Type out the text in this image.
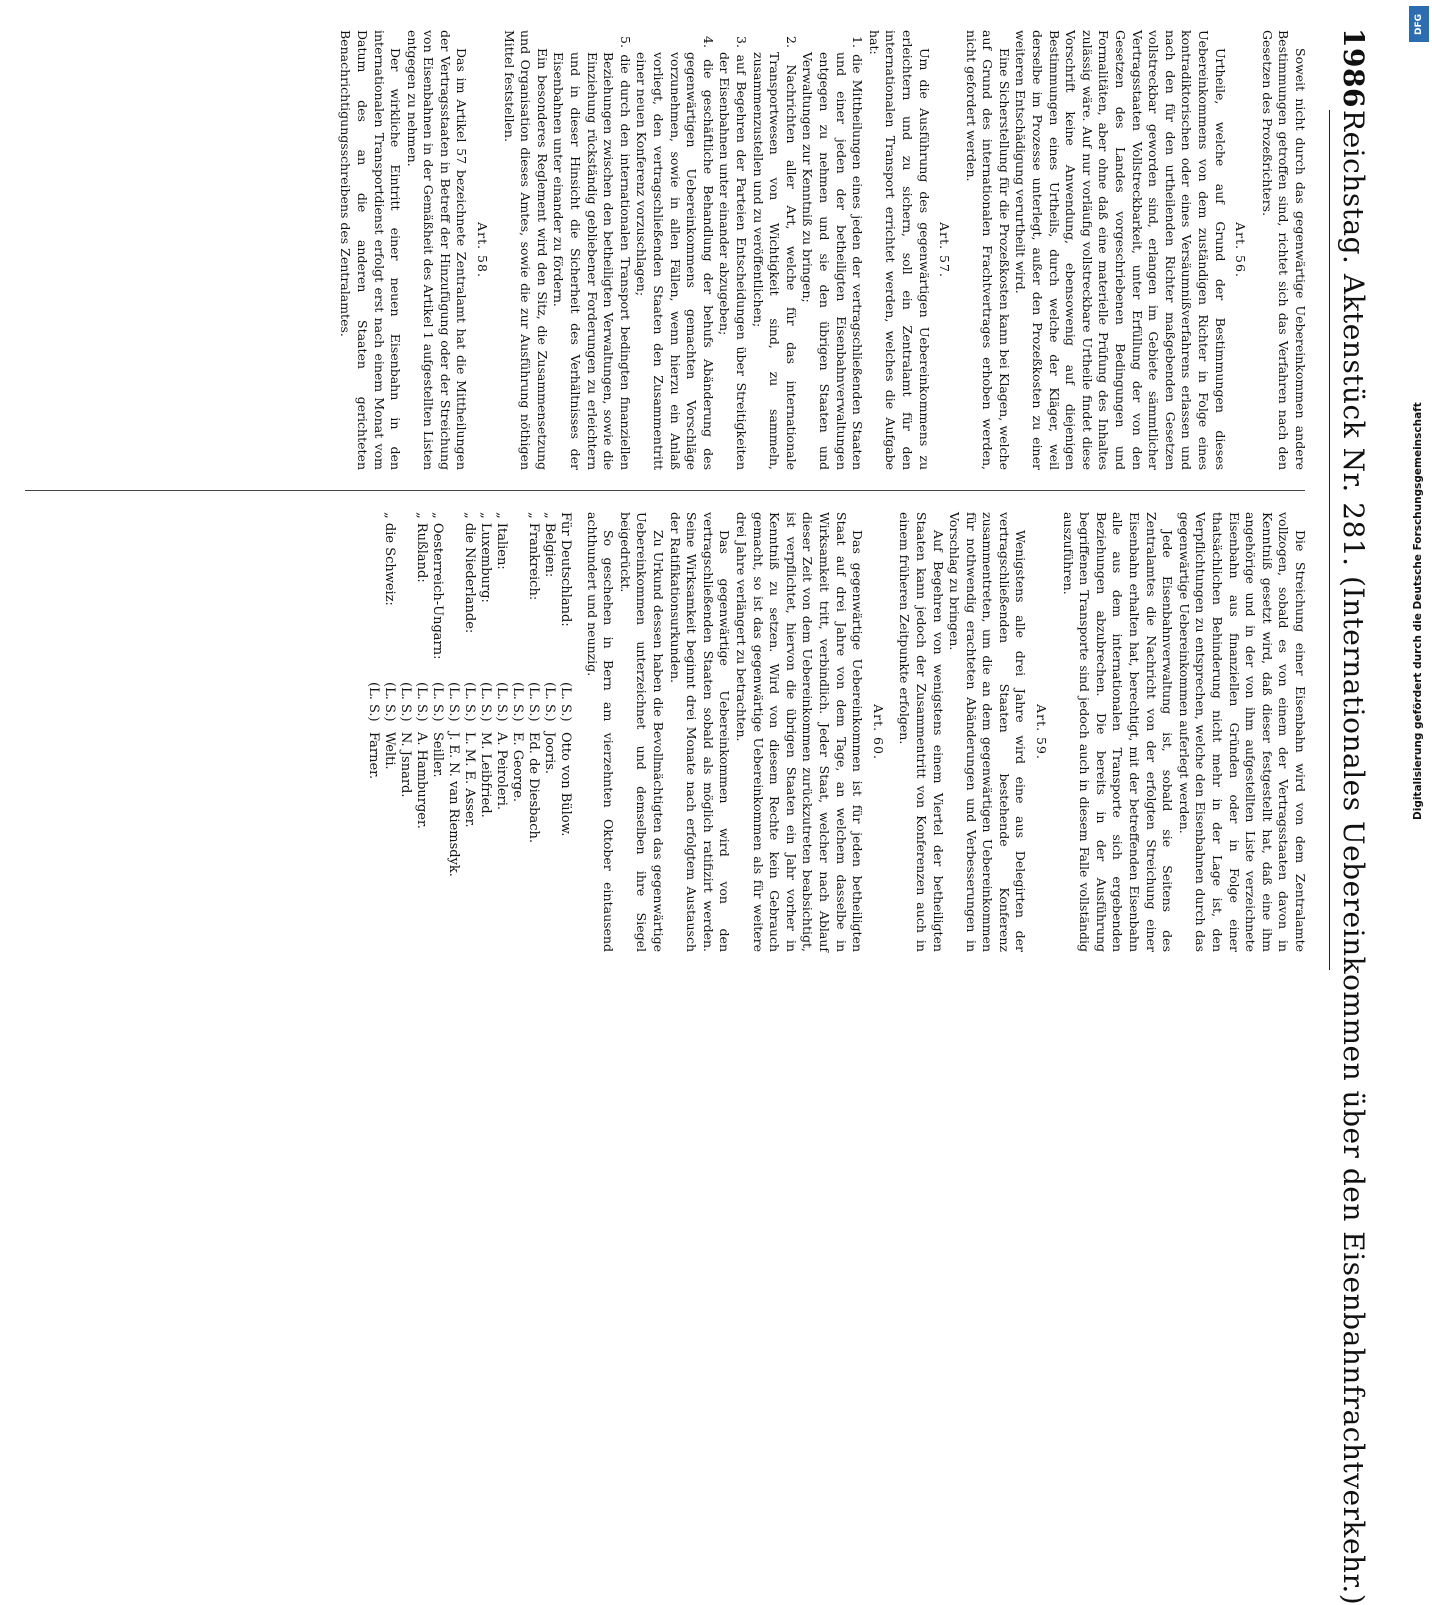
1986
Reichstag. Aktenstück Nr. 281. (Internationales Uebereinkommen über den Eisenbahnfrachtverkehr.)

Soweit nicht durch das gegenwärtige Uebereinkommen andere Bestimmungen getroffen sind, richtet sich das Verfahren nach den Gesetzen des Prozeßrichters.

Art. 56.

Urtheile, welche auf Grund der Bestimmungen dieses Uebereinkommens von dem zuständigen Richter in Folge eines kontradiktorischen oder eines Versäumnißverfahrens erlassen und nach den für den urtheilenden Richter maßgebenden Gesetzen vollstreckbar geworden sind, erlangen im Gebiete sämmtlicher Vertragsstaaten Vollstreckbarkeit, unter Erfüllung der von den Gesetzen des Landes vorgeschriebenen Bedingungen und Formalitäten, aber ohne daß eine materielle Prüfung des Inhaltes zulässig wäre. Auf nur vorläufig vollstreckbare Urtheile findet diese Vorschrift keine Anwendung, ebensowenig auf diejenigen Bestimmungen eines Urtheils, durch welche der Kläger, weil derselbe im Prozesse unterlegt, außer den Prozeßkosten zu einer weiteren Entschädigung verurtheilt wird.

Eine Sicherstellung für die Prozeßkosten kann bei Klagen, welche auf Grund des internationalen Frachtvertrages erhoben werden, nicht gefordert werden.

Art. 57.

Um die Ausführung des gegenwärtigen Uebereinkommens zu erleichtern und zu sichern, soll ein Zentralamt für den internationalen Transport errichtet werden, welches die Aufgabe hat:

1. die Mittheilungen eines jeden der vertragschließenden Staaten und einer jeden der betheiligten Eisenbahnverwaltungen entgegen zu nehmen und sie den übrigen Staaten und Verwaltungen zur Kenntniß zu bringen;

2. Nachrichten aller Art, welche für das internationale Transportwesen von Wichtigkeit sind, zu sammeln, zusammenzustellen und zu veröffentlichen;

3. auf Begehren der Parteien Entscheidungen über Streitigkeiten der Eisenbahnen unter einander abzugeben;

4. die geschäftliche Behandlung der behufs Abänderung des gegenwärtigen Uebereinkommens gemachten Vorschläge vorzunehmen, sowie in allen Fällen, wenn hierzu ein Anlaß vorliegt, den vertragschließenden Staaten den Zusammentritt einer neuen Konferenz vorzuschlagen;

5. die durch den internationalen Transport bedingten finanziellen Beziehungen zwischen den betheiligten Verwaltungen, sowie die Einziehung rückständig gebliebener Forderungen zu erleichtern und in dieser Hinsicht die Sicherheit des Verhältnisses der Eisenbahnen unter einander zu fördern.

Ein besonderes Reglement wird den Sitz, die Zusammensetzung und Organisation dieses Amtes, sowie die zur Ausführung nöthigen Mittel feststellen.

Art. 58.

Das im Artikel 57 bezeichnete Zentralamt hat die Mittheilungen der Vertragsstaaten in Betreff der Hinzufügung oder der Streichung von Eisenbahnen in der Gemäßheit des Artikel 1 aufgestellten Listen entgegen zu nehmen.

Der wirkliche Eintritt einer neuen Eisenbahn in den internationalen Transportdienst erfolgt erst nach einem Monat vom Datum des an die anderen Staaten gerichteten Benachrichtigungsschreibens des Zentralamtes.

Die Streichung einer Eisenbahn wird von dem Zentralamte vollzogen, sobald es von einem der Vertragsstaaten davon in Kenntniß gesetzt wird, daß dieser festgestellt hat, daß eine ihm angehörige und in der von ihm aufgestellten Liste verzeichnete Eisenbahn aus finanziellen Gründen oder in Folge einer thatsächlichen Behinderung nicht mehr in der Lage ist, den Verpflichtungen zu entsprechen, welche den Eisenbahnen durch das gegenwärtige Uebereinkommen auferlegt werden.

Jede Eisenbahnverwaltung ist, sobald sie Seitens des Zentralamtes die Nachricht von der erfolgten Streichung einer Eisenbahn erhalten hat, berechtigt, mit der betreffenden Eisenbahn alle aus dem internationalen Transporte sich ergebenden Beziehungen abzubrechen. Die bereits in der Ausführung begriffenen Transporte sind jedoch auch in diesem Falle vollständig auszuführen.

Art. 59.

Wenigstens alle drei Jahre wird eine aus Delegirten der vertragschließenden Staaten bestehende Konferenz zusammentreten, um die an dem gegenwärtigen Uebereinkommen für nothwendig erachteten Abänderungen und Verbesserungen in Vorschlag zu bringen.

Auf Begehren von wenigstens einem Viertel der betheiligten Staaten kann jedoch der Zusammentritt von Konferenzen auch in einem früheren Zeitpunkte erfolgen.

Art. 60.

Das gegenwärtige Uebereinkommen ist für jeden betheiligten Staat auf drei Jahre von dem Tage, an welchem dasselbe in Wirksamkeit tritt, verbindlich. Jeder Staat, welcher nach Ablauf dieser Zeit von dem Uebereinkommen zurückzutreten beabsichtigt, ist verpflichtet, hiervon die übrigen Staaten ein Jahr vorher in Kenntniß zu setzen. Wird von diesem Rechte kein Gebrauch gemacht, so ist das gegenwärtige Uebereinkommen als für weitere drei Jahre verlängert zu betrachten.

Das gegenwärtige Uebereinkommen wird von den vertragschließenden Staaten sobald als möglich ratifizirt werden. Seine Wirksamkeit beginnt drei Monate nach erfolgtem Austausch der Ratifikationsurkunden.

Zu Urkund dessen haben die Bevollmächtigten das gegenwärtige Uebereinkommen unterzeichnet und demselben ihre Siegel beigedrückt.

So geschehen in Bern am vierzehnten Oktober eintausend achthundert und neunzig.

Für Deutschland:
(L. S.)
Otto von Bülow.
„ Belgien:
(L. S.)
Jooris.
„ Frankreich:
(L. S.)
Ed. de Diesbach.
(L. S.)
E. George.
„ Italien:
(L. S.)
A. Peiroleri.
„ Luxemburg:
(L. S.)
M. Leibfried.
„ die Niederlande:
(L. S.)
L. M. E. Asser.
(L. S.)
J. E. N. van Riemsdyk.
„ Oesterreich-Ungarn:
(L. S.)
Seiller.
„ Rußland:
(L. S.)
A. Hamburger.
(L. S.)
N. Jsnard.
„ die Schweiz:
(L. S.)
Welti.
(L. S.)
Farner.
DFG
Digitalisierung gefördert durch die Deutsche Forschungsgemeinschaft
